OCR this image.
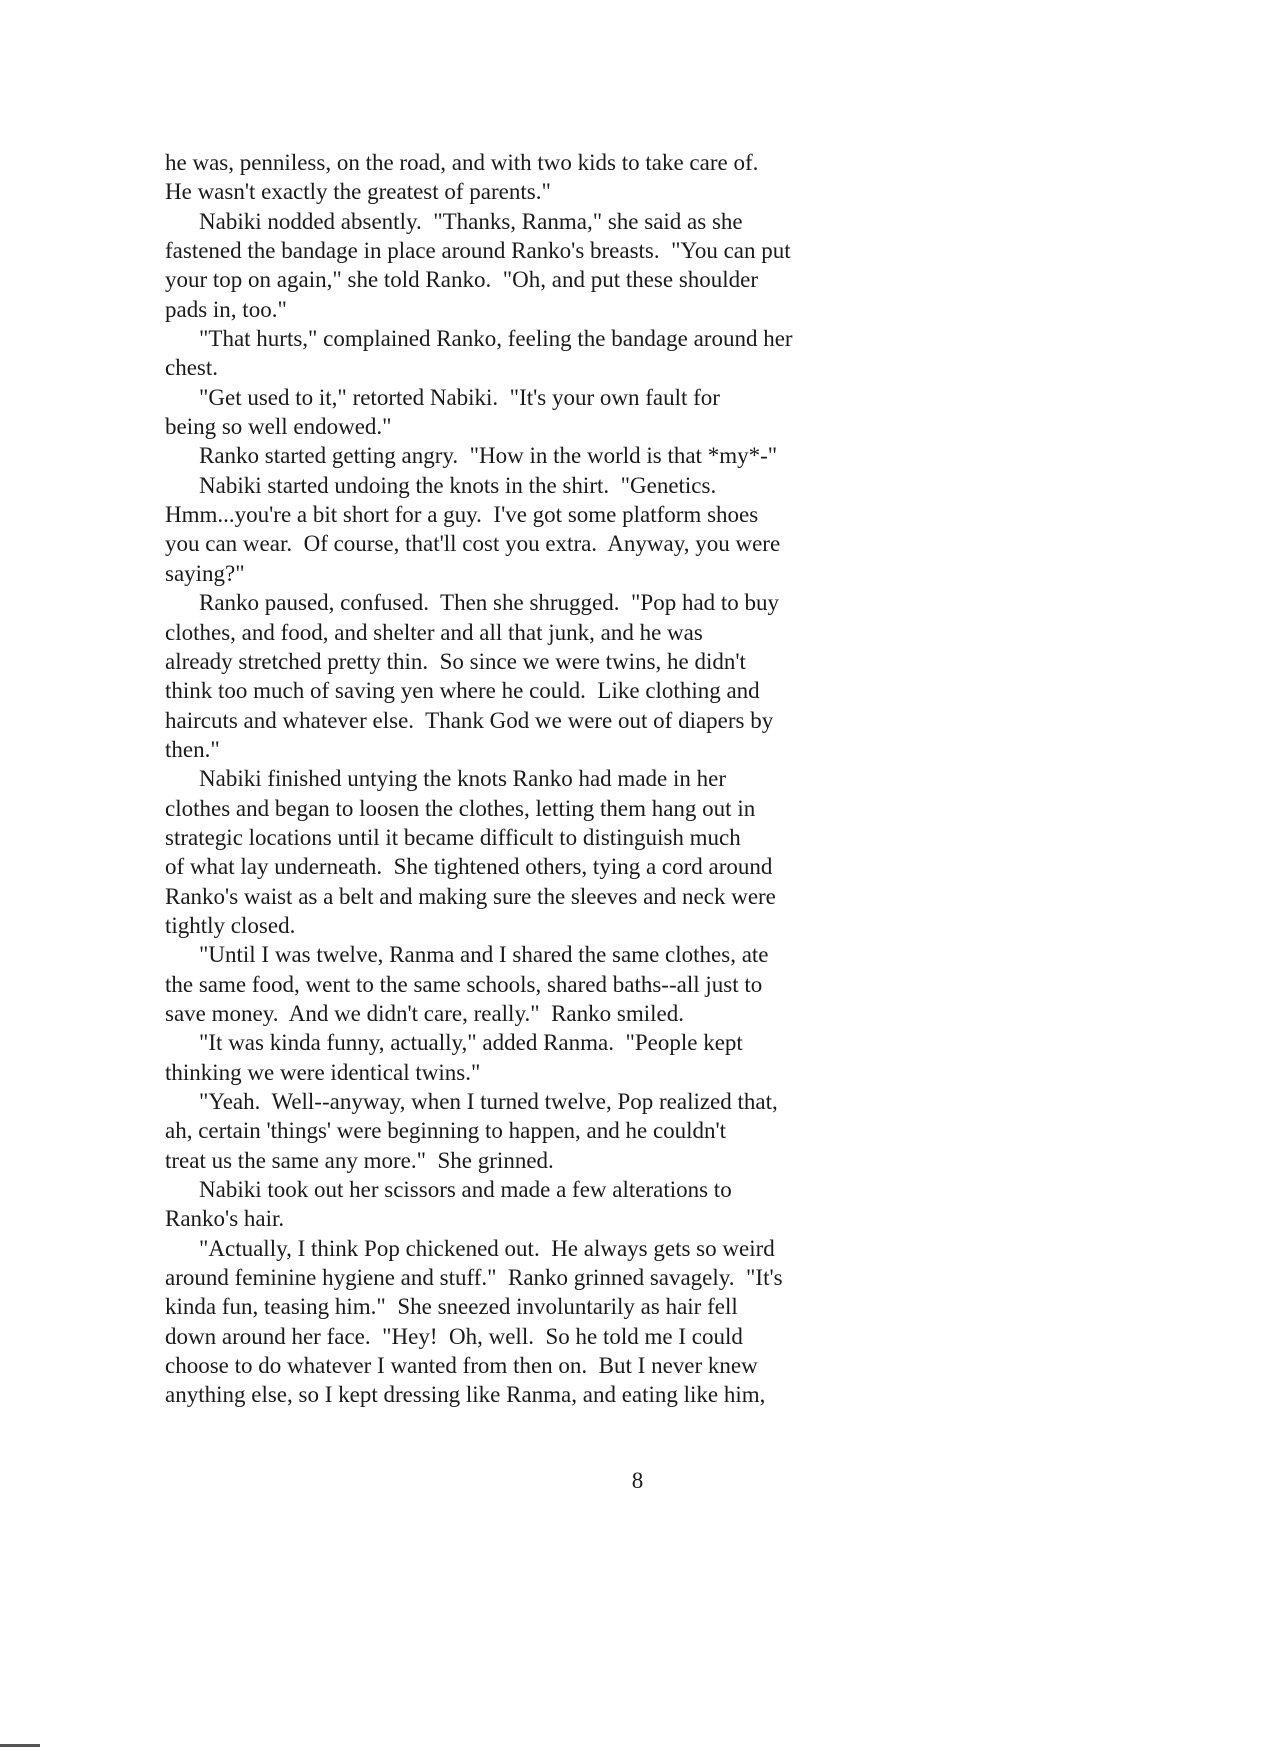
he was, penniless, on the road, and with two kids to take care of.
He wasn't exactly the greatest of parents."
Nabiki nodded absently.  "Thanks, Ranma," she said as she
fastened the bandage in place around Ranko's breasts.  "You can put
your top on again," she told Ranko.  "Oh, and put these shoulder
pads in, too."
"That hurts," complained Ranko, feeling the bandage around her
chest.
"Get used to it," retorted Nabiki.  "It's your own fault for
being so well endowed."
Ranko started getting angry.  "How in the world is that *my*-"
Nabiki started undoing the knots in the shirt.  "Genetics.
Hmm...you're a bit short for a guy.  I've got some platform shoes
you can wear.  Of course, that'll cost you extra.  Anyway, you were
saying?"
Ranko paused, confused.  Then she shrugged.  "Pop had to buy
clothes, and food, and shelter and all that junk, and he was
already stretched pretty thin.  So since we were twins, he didn't
think too much of saving yen where he could.  Like clothing and
haircuts and whatever else.  Thank God we were out of diapers by
then."
Nabiki finished untying the knots Ranko had made in her
clothes and began to loosen the clothes, letting them hang out in
strategic locations until it became difficult to distinguish much
of what lay underneath.  She tightened others, tying a cord around
Ranko's waist as a belt and making sure the sleeves and neck were
tightly closed.
"Until I was twelve, Ranma and I shared the same clothes, ate
the same food, went to the same schools, shared baths--all just to
save money.  And we didn't care, really."  Ranko smiled.
"It was kinda funny, actually," added Ranma.  "People kept
thinking we were identical twins."
"Yeah.  Well--anyway, when I turned twelve, Pop realized that,
ah, certain 'things' were beginning to happen, and he couldn't
treat us the same any more."  She grinned.
Nabiki took out her scissors and made a few alterations to
Ranko's hair.
"Actually, I think Pop chickened out.  He always gets so weird
around feminine hygiene and stuff."  Ranko grinned savagely.  "It's
kinda fun, teasing him."  She sneezed involuntarily as hair fell
down around her face.  "Hey!  Oh, well.  So he told me I could
choose to do whatever I wanted from then on.  But I never knew
anything else, so I kept dressing like Ranma, and eating like him,
8
